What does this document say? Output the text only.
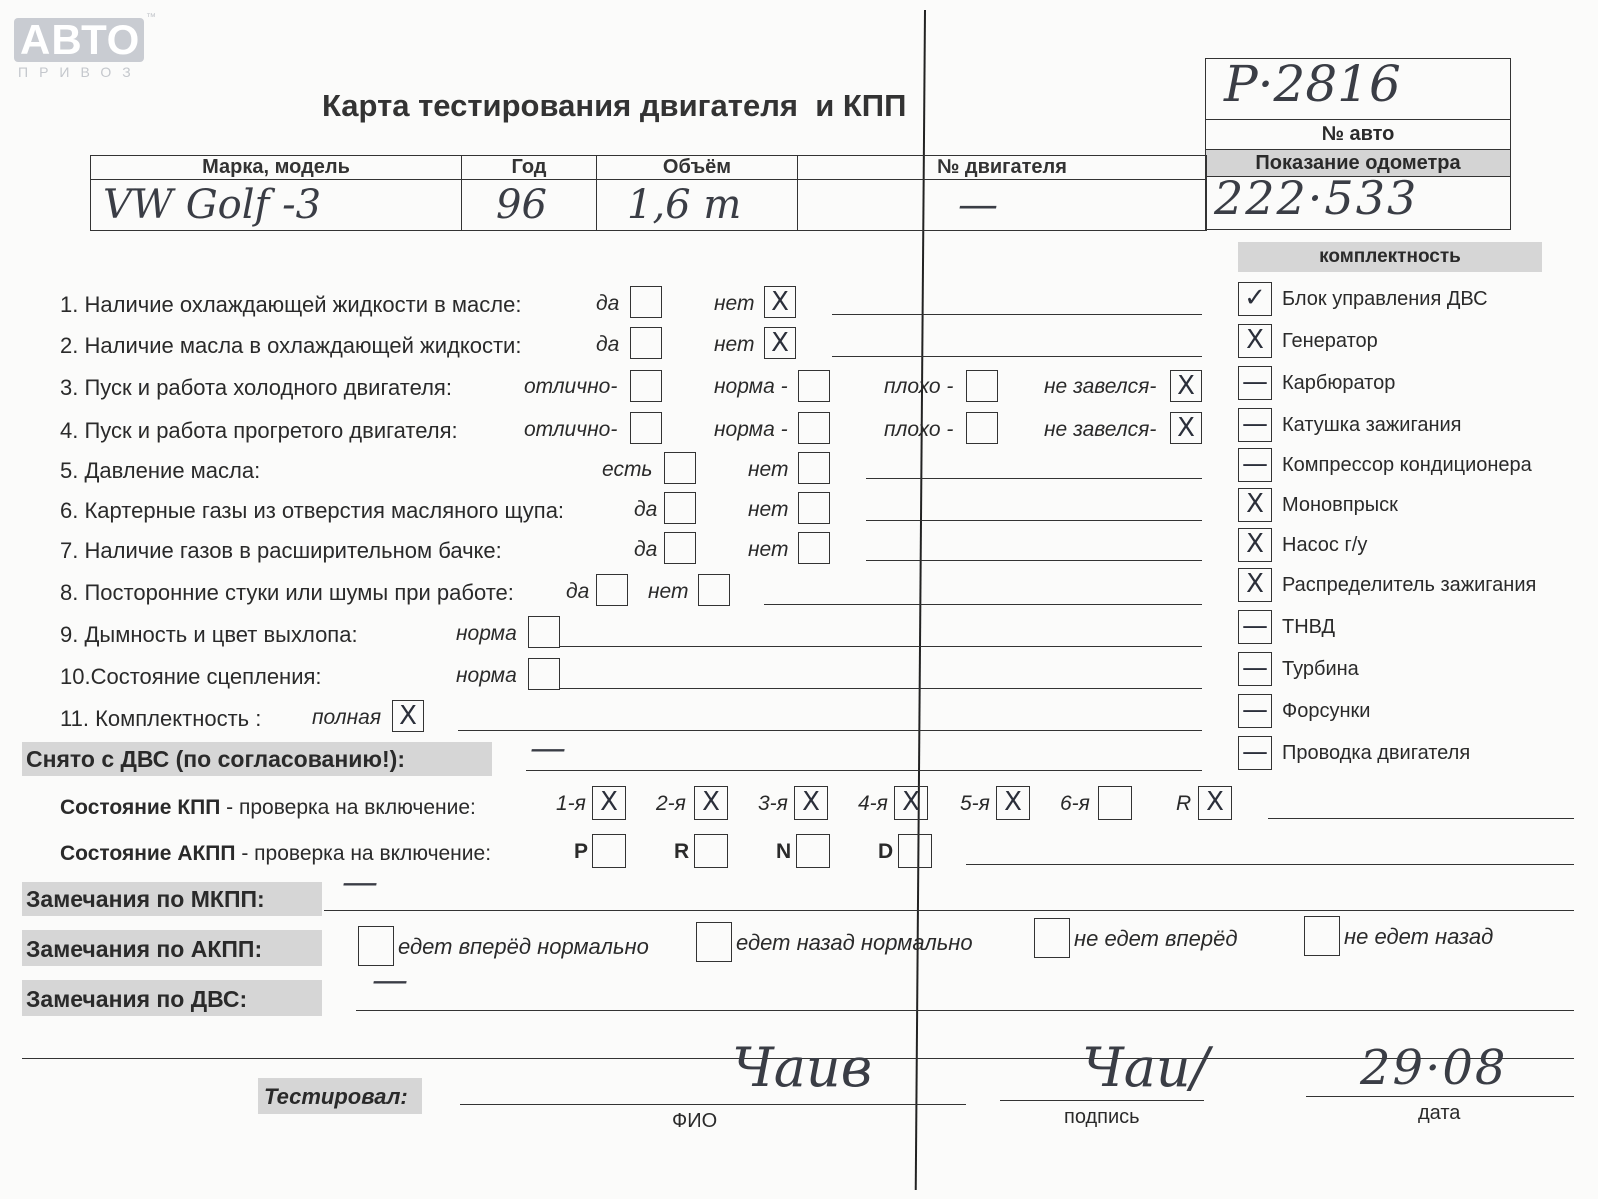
АВТО
ПРИВОЗ
™
Карта тестирования двигателя  и КПП	P·2816
№ авто
Показание одометра
222·533
Марка, модель	Год	Объём	№ двигателя
VW Golf -3	96	1,6 т	—
комплектность
1. Наличие охлаждающей жидкости в масле:	да	нет X
2. Наличие масла в охлаждающей жидкости:	да	нет X
3. Пуск и работа холодного двигателя:	отлично-	норма -	плохо -	не завелся- X
4. Пуск и работа прогретого двигателя:	отлично-	норма -	плохо -	не завелся- X
5. Давление масла:	есть	нет
6. Картерные газы из отверстия масляного щупа:	да	нет
7. Наличие газов в расширительном бачке:	да	нет
8. Посторонние стуки или шумы при работе: да	нет
9. Дымность и цвет выхлопа:	норма
10.Состояние сцепления:	норма
11. Комплектность : полная X
✓ Блок управления ДВС
X Генератор
— Карбюратор
— Катушка зажигания
— Компрессор кондиционера
X Моновпрыск
X Насос г/у
X Распределитель зажигания
— ТНВД
— Турбина
— Форсунки
— Проводка двигателя
Снято с ДВС (по согласованию!):	—
Состояние КПП - проверка на включение:	1-я X	2-я X	3-я X	4-я X	5-я X	6-я	R X
Состояние АКПП - проверка на включение:	P	R	N	D
Замечания по МКПП: —
Замечания по АКПП:	едет вперёд нормально	едет назад нормально	не едет вперёд	не едет назад
Замечания по ДВС:	—
Тестировал:	Чаив
ФИО
Чаи/
подпись
29·08
дата
